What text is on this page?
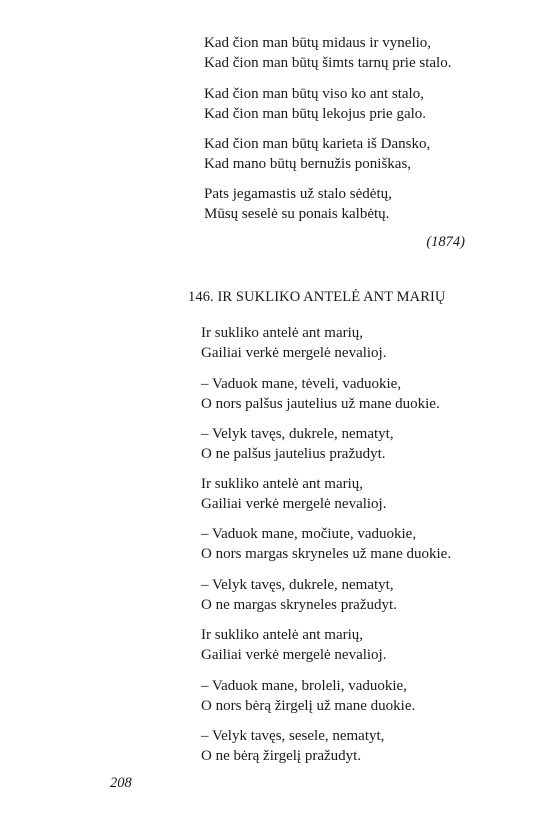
Kad čion man būtų midaus ir vynelio,
Kad čion man būtų šimts tarnų prie stalo.
Kad čion man būtų viso ko ant stalo,
Kad čion man būtų lekojus prie galo.
Kad čion man būtų karieta iš Dansko,
Kad mano būtų bernužis poniškas,
Pats jegamastis už stalo sėdėtų,
Mūsų seselė su ponais kalbėtų.
(1874)
146. IR SUKLIKO ANTELĖ ANT MARIŲ
Ir sukliko antelė ant marių,
Gailiai verkė mergelė nevalioj.
– Vaduok mane, tėveli, vaduokie,
O nors palšus jautelius už mane duokie.
– Velyk tavęs, dukrele, nematyt,
O ne palšus jautelius pražudyt.
Ir sukliko antelė ant marių,
Gailiai verkė mergelė nevalioj.
– Vaduok mane, močiute, vaduokie,
O nors margas skryneles už mane duokie.
– Velyk tavęs, dukrele, nematyt,
O ne margas skryneles pražudyt.
Ir sukliko antelė ant marių,
Gailiai verkė mergelė nevalioj.
– Vaduok mane, broleli, vaduokie,
O nors bėrą žirgelį už mane duokie.
– Velyk tavęs, sesele, nematyt,
O ne bėrą žirgelį pražudyt.
208
